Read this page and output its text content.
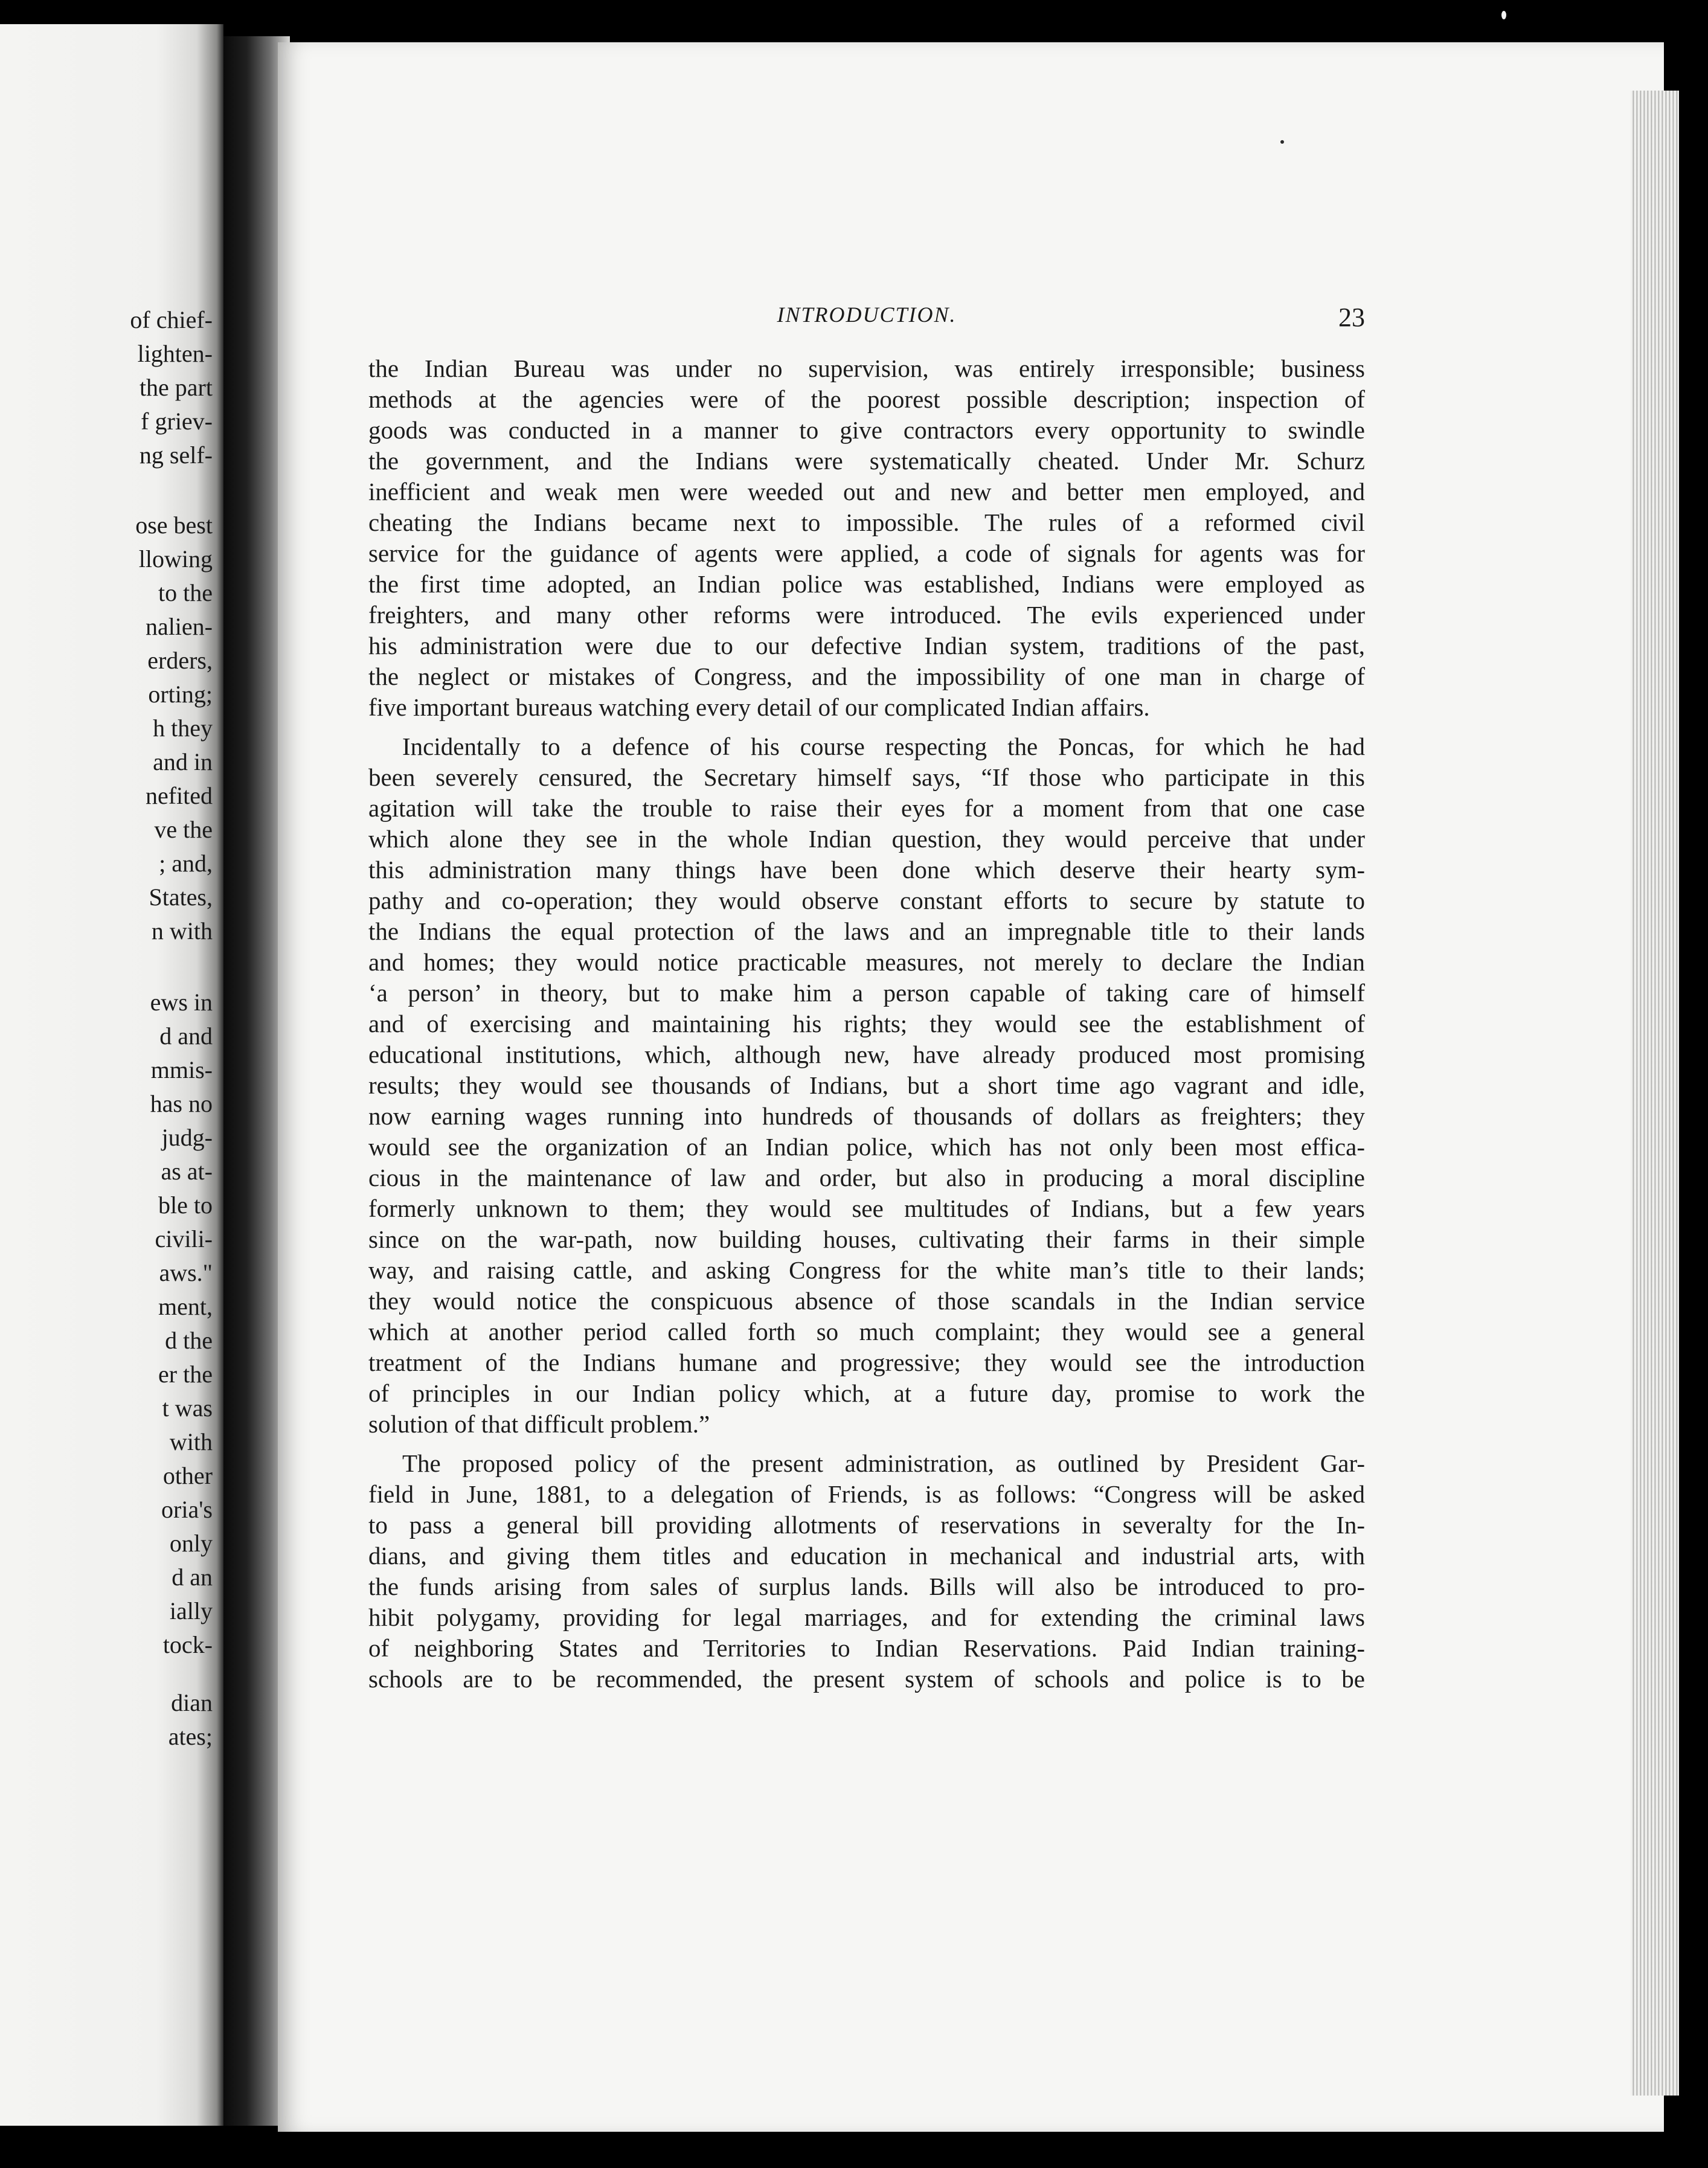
of chief-
lighten-
the part
f griev-
ng self-
ose best
llowing
to the
nalien-
erders,
orting;
h they
and in
nefited
ve the
; and,
States,
n with
ews in
d and
mmis-
has no
judg-
as at-
ble to
civili-
aws."
ment,
d the
er the
t was
with
other
oria's
only
d an
ially
tock-
dian
ates;
INTRODUCTION.	23
the Indian Bureau was under no supervision, was entirely irresponsible; business
methods at the agencies were of the poorest possible description; inspection of
goods was conducted in a manner to give contractors every opportunity to swindle
the government, and the Indians were systematically cheated. Under Mr. Schurz
inefficient and weak men were weeded out and new and better men employed, and
cheating the Indians became next to impossible. The rules of a reformed civil
service for the guidance of agents were applied, a code of signals for agents was for
the first time adopted, an Indian police was established, Indians were employed as
freighters, and many other reforms were introduced. The evils experienced under
his administration were due to our defective Indian system, traditions of the past,
the neglect or mistakes of Congress, and the impossibility of one man in charge of
five important bureaus watching every detail of our complicated Indian affairs.
Incidentally to a defence of his course respecting the Poncas, for which he had
been severely censured, the Secretary himself says, “If those who participate in this
agitation will take the trouble to raise their eyes for a moment from that one case
which alone they see in the whole Indian question, they would perceive that under
this administration many things have been done which deserve their hearty sym-
pathy and co-operation; they would observe constant efforts to secure by statute to
the Indians the equal protection of the laws and an impregnable title to their lands
and homes; they would notice practicable measures, not merely to declare the Indian
‘a person’ in theory, but to make him a person capable of taking care of himself
and of exercising and maintaining his rights; they would see the establishment of
educational institutions, which, although new, have already produced most promising
results; they would see thousands of Indians, but a short time ago vagrant and idle,
now earning wages running into hundreds of thousands of dollars as freighters; they
would see the organization of an Indian police, which has not only been most effica-
cious in the maintenance of law and order, but also in producing a moral discipline
formerly unknown to them; they would see multitudes of Indians, but a few years
since on the war-path, now building houses, cultivating their farms in their simple
way, and raising cattle, and asking Congress for the white man’s title to their lands;
they would notice the conspicuous absence of those scandals in the Indian service
which at another period called forth so much complaint; they would see a general
treatment of the Indians humane and progressive; they would see the introduction
of principles in our Indian policy which, at a future day, promise to work the
solution of that difficult problem.”
The proposed policy of the present administration, as outlined by President Gar-
field in June, 1881, to a delegation of Friends, is as follows: “Congress will be asked
to pass a general bill providing allotments of reservations in severalty for the In-
dians, and giving them titles and education in mechanical and industrial arts, with
the funds arising from sales of surplus lands. Bills will also be introduced to pro-
hibit polygamy, providing for legal marriages, and for extending the criminal laws
of neighboring States and Territories to Indian Reservations. Paid Indian training-
schools are to be recommended, the present system of schools and police is to be
